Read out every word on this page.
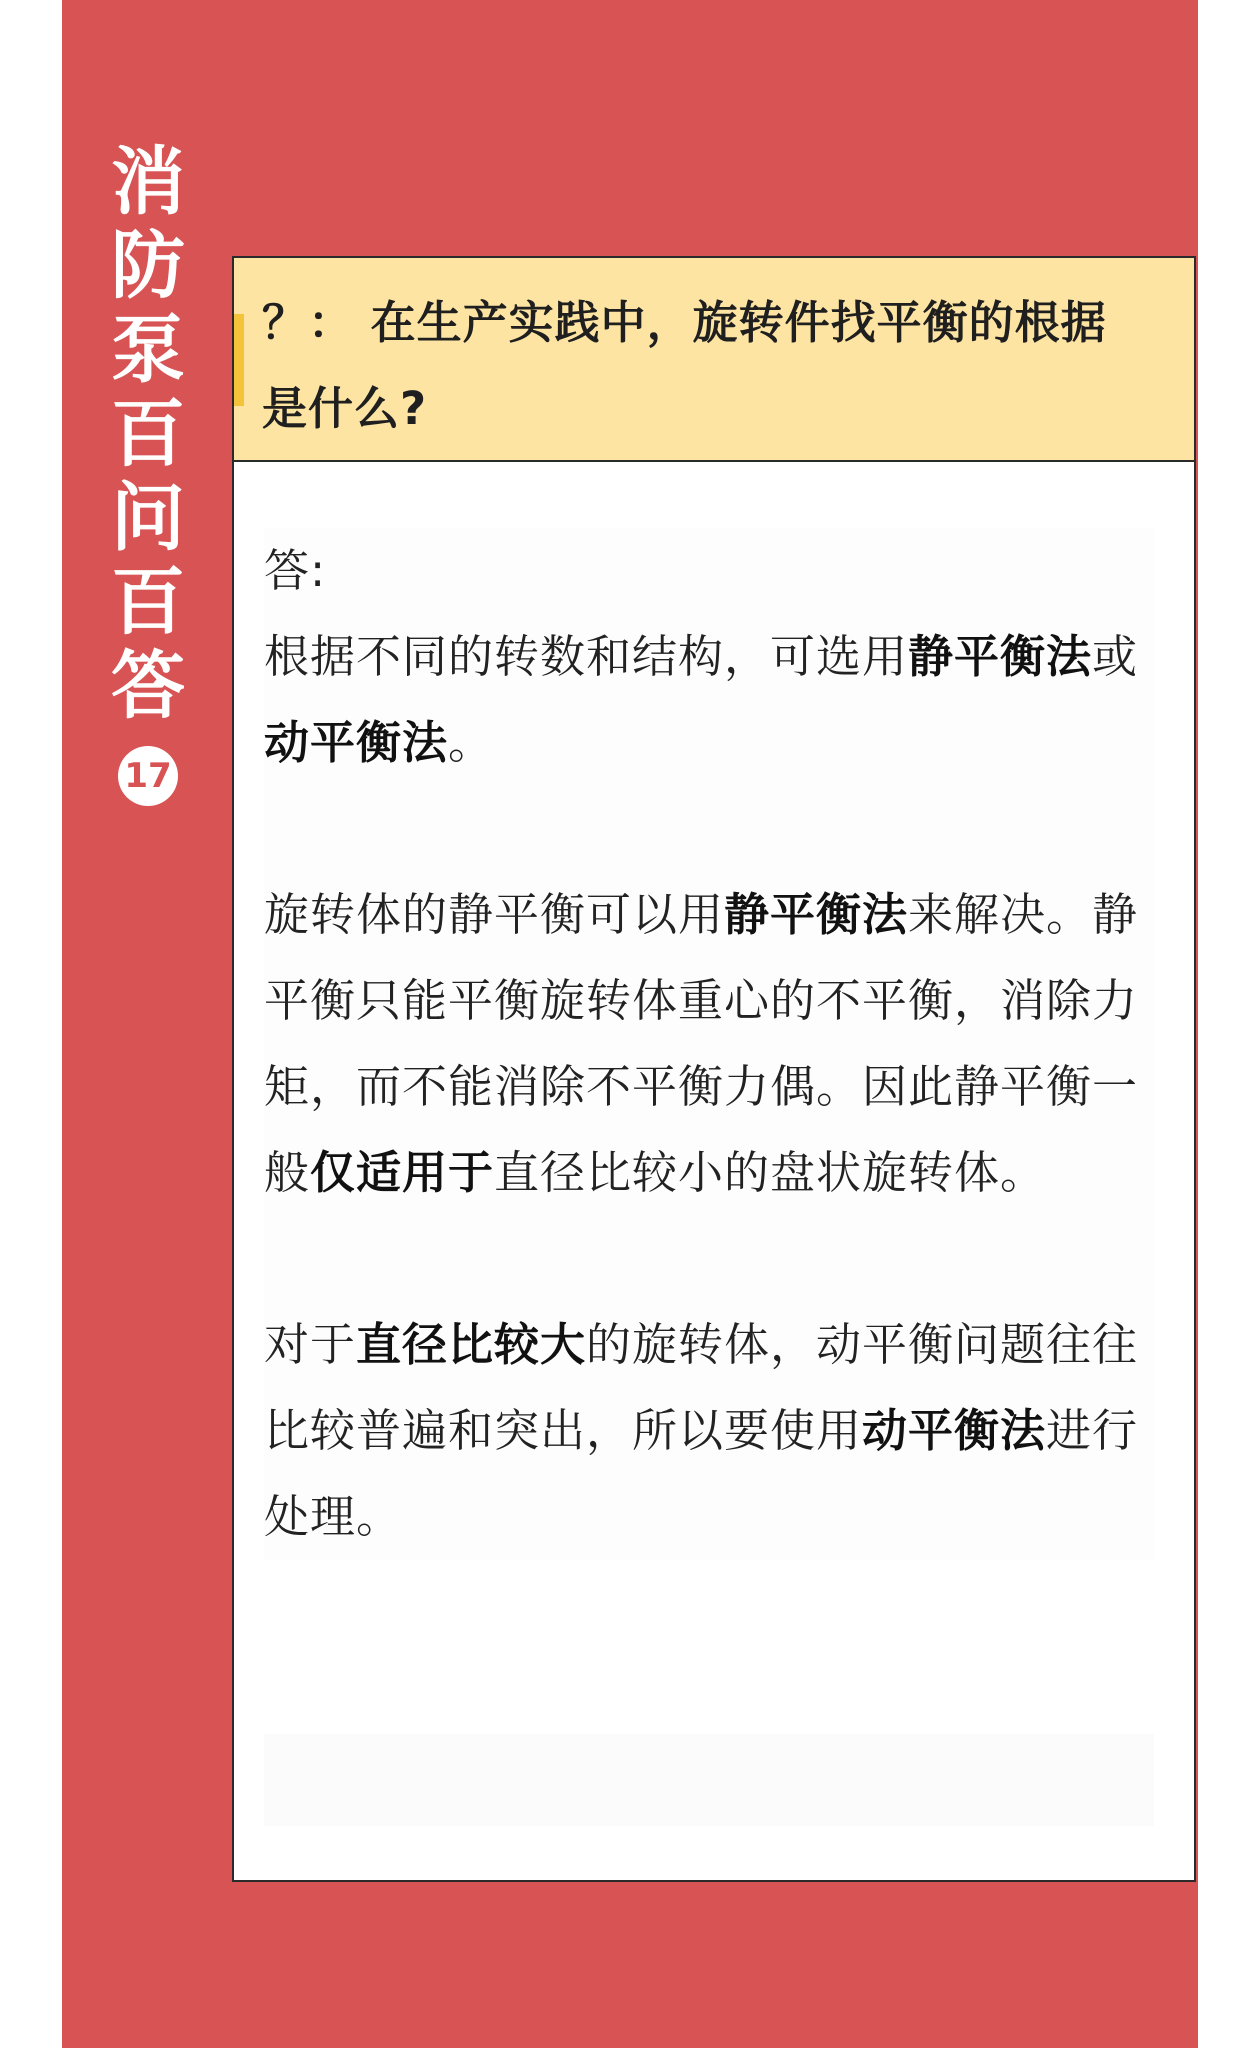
消
防
泵
百
问
百
答
17
？： 在生产实践中，旋转件找平衡的根据是什么?

答:

根据不同的转数和结构，可选用静平衡法或动平衡法。

旋转体的静平衡可以用静平衡法来解决。静平衡只能平衡旋转体重心的不平衡，消除力矩，而不能消除不平衡力偶。因此静平衡一般仅适用于直径比较小的盘状旋转体。

对于直径比较大的旋转体，动平衡问题往往比较普遍和突出，所以要使用动平衡法进行处理。
